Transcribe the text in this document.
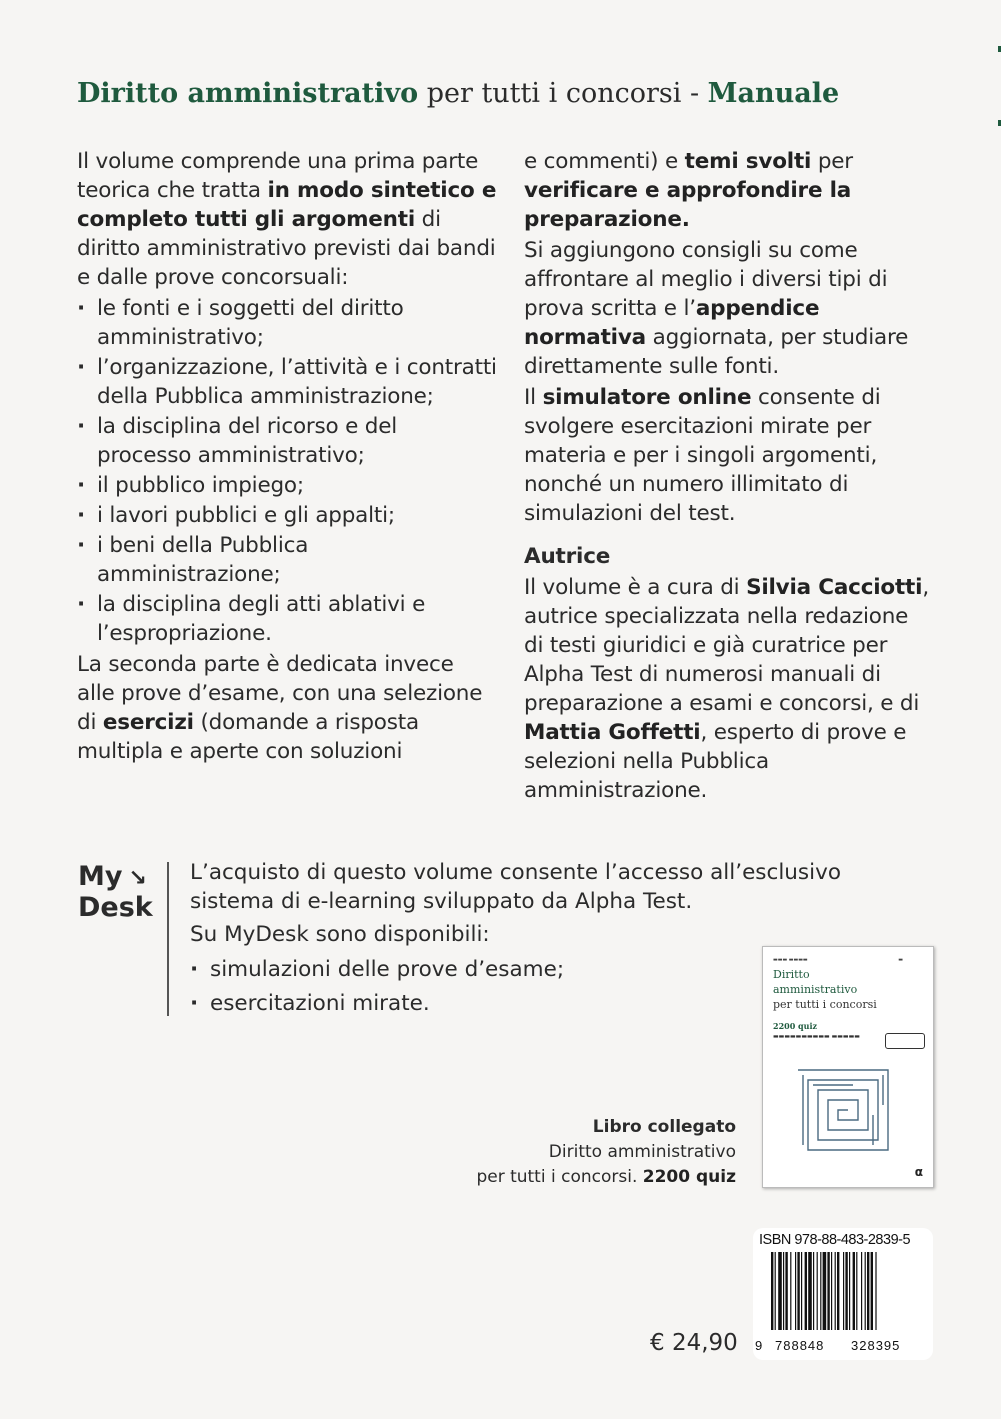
Diritto amministrativo per tutti i concorsi - Manuale

Il volume comprende una prima parte teorica che tratta in modo sintetico e completo tutti gli argomenti di diritto amministrativo previsti dai bandi e dalle prove concorsuali:

· le fonti e i soggetti del diritto amministrativo;
· l’organizzazione, l’attività e i contratti della Pubblica amministrazione;
· la disciplina del ricorso e del processo amministrativo;
· il pubblico impiego;
· i lavori pubblici e gli appalti;
· i beni della Pubblica amministrazione;
· la disciplina degli atti ablativi e l’espropriazione.

La seconda parte è dedicata invece alle prove d’esame, con una selezione di esercizi (domande a risposta multipla e aperte con soluzioni

e commenti) e temi svolti per verificare e approfondire la preparazione.

Si aggiungono consigli su come affrontare al meglio i diversi tipi di prova scritta e l’appendice normativa aggiornata, per studiare direttamente sulle fonti.

Il simulatore online consente di svolgere esercitazioni mirate per materia e per i singoli argomenti, nonché un numero illimitato di simulazioni del test.

Autrice

Il volume è a cura di Silvia Cacciotti, autrice specializzata nella redazione di testi giuridici e già curatrice per Alpha Test di numerosi manuali di preparazione a esami e concorsi, e di Mattia Goffetti, esperto di prove e selezioni nella Pubblica amministrazione.

My ↘
Desk

L’acquisto di questo volume consente l’accesso all’esclusivo sistema di e-learning sviluppato da Alpha Test.

Su MyDesk sono disponibili:

· simulazioni delle prove d’esame;
· esercitazioni mirate.
Libro collegato
Diritto amministrativo
per tutti i concorsi. 2200 quiz
▬▬▬ ▬▬▬▬	▬
Diritto
amministrativo
per tutti i concorsi
2200 quiz
▬▬▬▬▬▬▬▬▬▬ ▬▬▬▬▬
α
€ 24,90
ISBN 978-88-483-2839-5
9 788848 328395
